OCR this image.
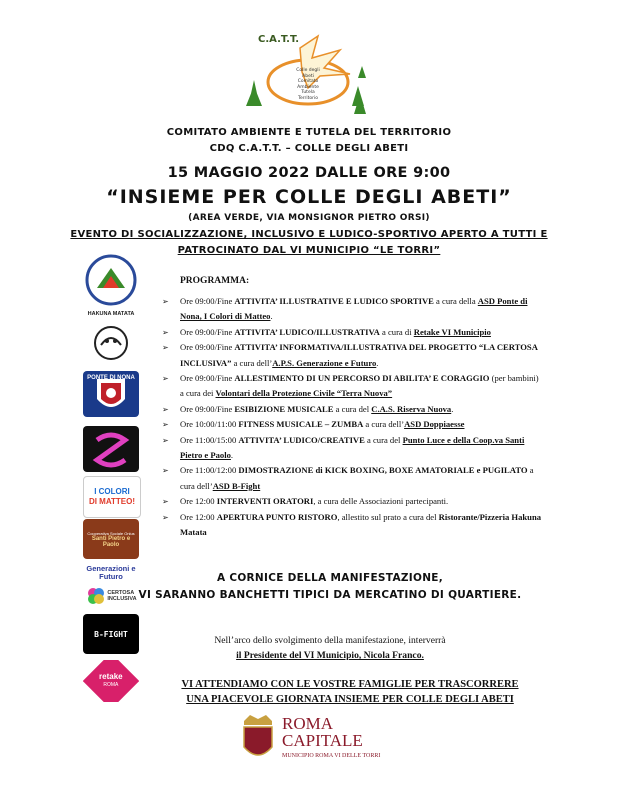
C.A.T.T.
Colle degli Abeti
Comitato
Ambiente
Tutela
Territorio
COMITATO AMBIENTE E TUTELA DEL TERRITORIO
CDQ C.A.T.T. – COLLE DEGLI ABETI
15 MAGGIO 2022 DALLE ORE 9:00
“INSIEME PER COLLE DEGLI ABETI”
(AREA VERDE, VIA MONSIGNOR PIETRO ORSI)
EVENTO DI SOCIALIZZAZIONE, INCLUSIVO E LUDICO-SPORTIVO APERTO A TUTTI E
PATROCINATO DAL VI MUNICIPIO “LE TORRI”
HAKUNA MATATA
PONTE DI NONA
I COLORI
DI MATTEO!
Cooperativa Sociale Onlus
Santi Pietro e Paolo
Generazioni e
Futuro
CERTOSA
INCLUSIVA
B-FIGHT
retake
ROMA
PROGRAMMA:
➢ Ore 09:00/Fine ATTIVITA’ ILLUSTRATIVE E LUDICO SPORTIVE a cura della ASD Ponte di Nona, I Colori di Matteo.
➢ Ore 09:00/Fine ATTIVITA’ LUDICO/ILLUSTRATIVA a cura di Retake VI Municipio
➢ Ore 09:00/Fine ATTIVITA’ INFORMATIVA/ILLUSTRATIVA DEL PROGETTO “LA CERTOSA INCLUSIVA” a cura dell’A.P.S. Generazione e Futuro.
➢ Ore 09:00/Fine ALLESTIMENTO DI UN PERCORSO DI ABILITA’ E CORAGGIO (per bambini) a cura dei Volontari della Protezione Civile “Terra Nuova”
➢ Ore 09:00/Fine ESIBIZIONE MUSICALE a cura del C.A.S. Riserva Nuova.
➢ Ore 10:00/11:00 FITNESS MUSICALE – ZUMBA a cura dell’ASD Doppiaesse
➢ Ore 11:00/15:00 ATTIVITA’ LUDICO/CREATIVE a cura del Punto Luce e della Coop.va Santi Pietro e Paolo.
➢ Ore 11:00/12:00 DIMOSTRAZIONE di KICK BOXING, BOXE AMATORIALE e PUGILATO a cura dell’ASD B-Fight
➢ Ore 12:00 INTERVENTI ORATORI, a cura delle Associazioni partecipanti.
➢ Ore 12:00 APERTURA PUNTO RISTORO, allestito sul prato a cura del Ristorante/Pizzeria Hakuna Matata
A CORNICE DELLA MANIFESTAZIONE,
VI SARANNO BANCHETTI TIPICI DA MERCATINO DI QUARTIERE.
Nell’arco dello svolgimento della manifestazione, interverrà
il Presidente del VI Municipio, Nicola Franco.
VI ATTENDIAMO CON LE VOSTRE FAMIGLIE PER TRASCORRERE
UNA PIACEVOLE GIORNATA INSIEME PER COLLE DEGLI ABETI
ROMA
CAPITALE
MUNICIPIO ROMA VI DELLE TORRI
